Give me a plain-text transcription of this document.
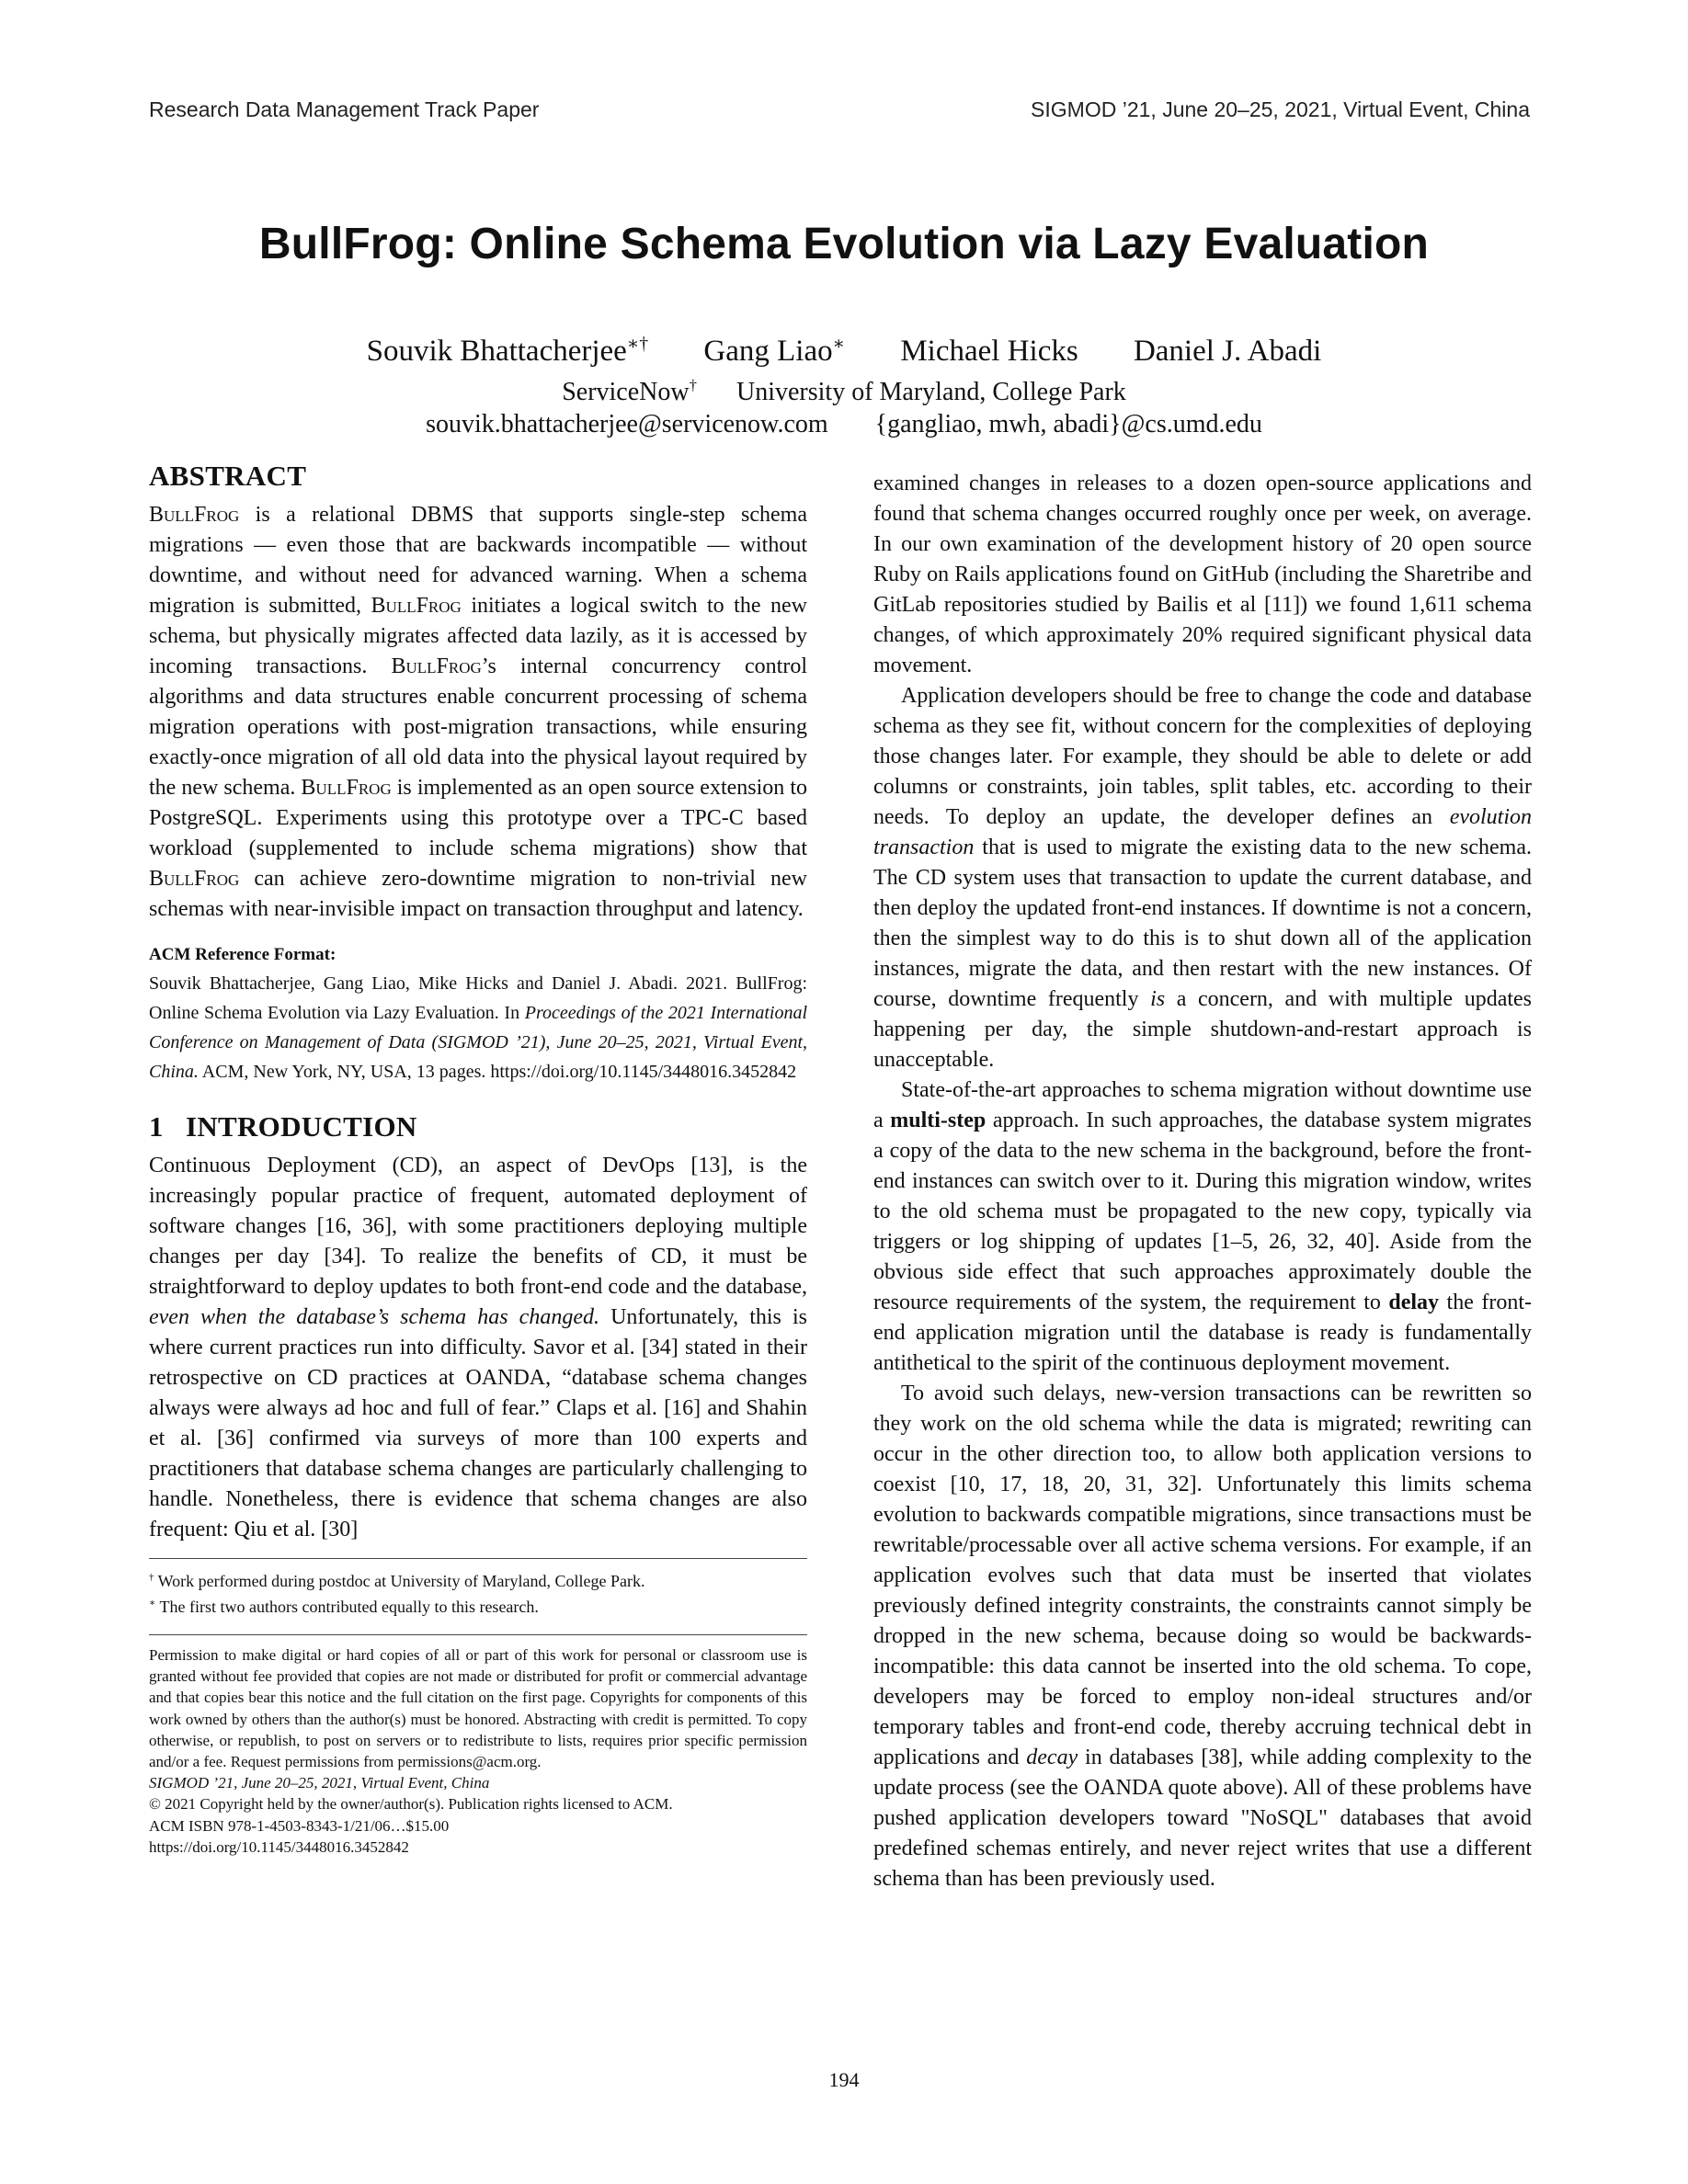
Research Data Management Track Paper	SIGMOD ’21, June 20–25, 2021, Virtual Event, China
BullFrog: Online Schema Evolution via Lazy Evaluation
Souvik Bhattacherjee∗† Gang Liao∗ Michael Hicks Daniel J. Abadi
ServiceNow† University of Maryland, College Park
souvik.bhattacherjee@servicenow.com {gangliao, mwh, abadi}@cs.umd.edu
ABSTRACT

BullFrog is a relational DBMS that supports single-step schema migrations — even those that are backwards incompatible — without downtime, and without need for advanced warning. When a schema migration is submitted, BullFrog initiates a logical switch to the new schema, but physically migrates affected data lazily, as it is accessed by incoming transactions. BullFrog’s internal concurrency control algorithms and data structures enable concurrent processing of schema migration operations with post-migration transactions, while ensuring exactly-once migration of all old data into the physical layout required by the new schema. BullFrog is implemented as an open source extension to PostgreSQL. Experiments using this prototype over a TPC-C based workload (supplemented to include schema migrations) show that BullFrog can achieve zero-downtime migration to non-trivial new schemas with near-invisible impact on transaction throughput and latency.

ACM Reference Format:
Souvik Bhattacherjee, Gang Liao, Mike Hicks and Daniel J. Abadi. 2021. BullFrog: Online Schema Evolution via Lazy Evaluation. In Proceedings of the 2021 International Conference on Management of Data (SIGMOD ’21), June 20–25, 2021, Virtual Event, China. ACM, New York, NY, USA, 13 pages. https://doi.org/10.1145/3448016.3452842
1   INTRODUCTION

Continuous Deployment (CD), an aspect of DevOps [13], is the increasingly popular practice of frequent, automated deployment of software changes [16, 36], with some practitioners deploying multiple changes per day [34]. To realize the benefits of CD, it must be straightforward to deploy updates to both front-end code and the database, even when the database’s schema has changed. Unfortunately, this is where current practices run into difficulty. Savor et al. [34] stated in their retrospective on CD practices at OANDA, “database schema changes always were always ad hoc and full of fear.” Claps et al. [16] and Shahin et al. [36] confirmed via surveys of more than 100 experts and practitioners that database schema changes are particularly challenging to handle. Nonetheless, there is evidence that schema changes are also frequent: Qiu et al. [30]

† Work performed during postdoc at University of Maryland, College Park.
∗ The first two authors contributed equally to this research.
Permission to make digital or hard copies of all or part of this work for personal or classroom use is granted without fee provided that copies are not made or distributed for profit or commercial advantage and that copies bear this notice and the full citation on the first page. Copyrights for components of this work owned by others than the author(s) must be honored. Abstracting with credit is permitted. To copy otherwise, or republish, to post on servers or to redistribute to lists, requires prior specific permission and/or a fee. Request permissions from permissions@acm.org.
SIGMOD ’21, June 20–25, 2021, Virtual Event, China
© 2021 Copyright held by the owner/author(s). Publication rights licensed to ACM.
ACM ISBN 978-1-4503-8343-1/21/06…$15.00
https://doi.org/10.1145/3448016.3452842

examined changes in releases to a dozen open-source applications and found that schema changes occurred roughly once per week, on average. In our own examination of the development history of 20 open source Ruby on Rails applications found on GitHub (including the Sharetribe and GitLab repositories studied by Bailis et al [11]) we found 1,611 schema changes, of which approximately 20% required significant physical data movement.

Application developers should be free to change the code and database schema as they see fit, without concern for the complexities of deploying those changes later. For example, they should be able to delete or add columns or constraints, join tables, split tables, etc. according to their needs. To deploy an update, the developer defines an evolution transaction that is used to migrate the existing data to the new schema. The CD system uses that transaction to update the current database, and then deploy the updated front-end instances. If downtime is not a concern, then the simplest way to do this is to shut down all of the application instances, migrate the data, and then restart with the new instances. Of course, downtime frequently is a concern, and with multiple updates happening per day, the simple shutdown-and-restart approach is unacceptable.

State-of-the-art approaches to schema migration without downtime use a multi-step approach. In such approaches, the database system migrates a copy of the data to the new schema in the background, before the front-end instances can switch over to it. During this migration window, writes to the old schema must be propagated to the new copy, typically via triggers or log shipping of updates [1–5, 26, 32, 40]. Aside from the obvious side effect that such approaches approximately double the resource requirements of the system, the requirement to delay the front-end application migration until the database is ready is fundamentally antithetical to the spirit of the continuous deployment movement.

To avoid such delays, new-version transactions can be rewritten so they work on the old schema while the data is migrated; rewriting can occur in the other direction too, to allow both application versions to coexist [10, 17, 18, 20, 31, 32]. Unfortunately this limits schema evolution to backwards compatible migrations, since transactions must be rewritable/processable over all active schema versions. For example, if an application evolves such that data must be inserted that violates previously defined integrity constraints, the constraints cannot simply be dropped in the new schema, because doing so would be backwards-incompatible: this data cannot be inserted into the old schema. To cope, developers may be forced to employ non-ideal structures and/or temporary tables and front-end code, thereby accruing technical debt in applications and decay in databases [38], while adding complexity to the update process (see the OANDA quote above). All of these problems have pushed application developers toward "NoSQL" databases that avoid predefined schemas entirely, and never reject writes that use a different schema than has been previously used.

194
